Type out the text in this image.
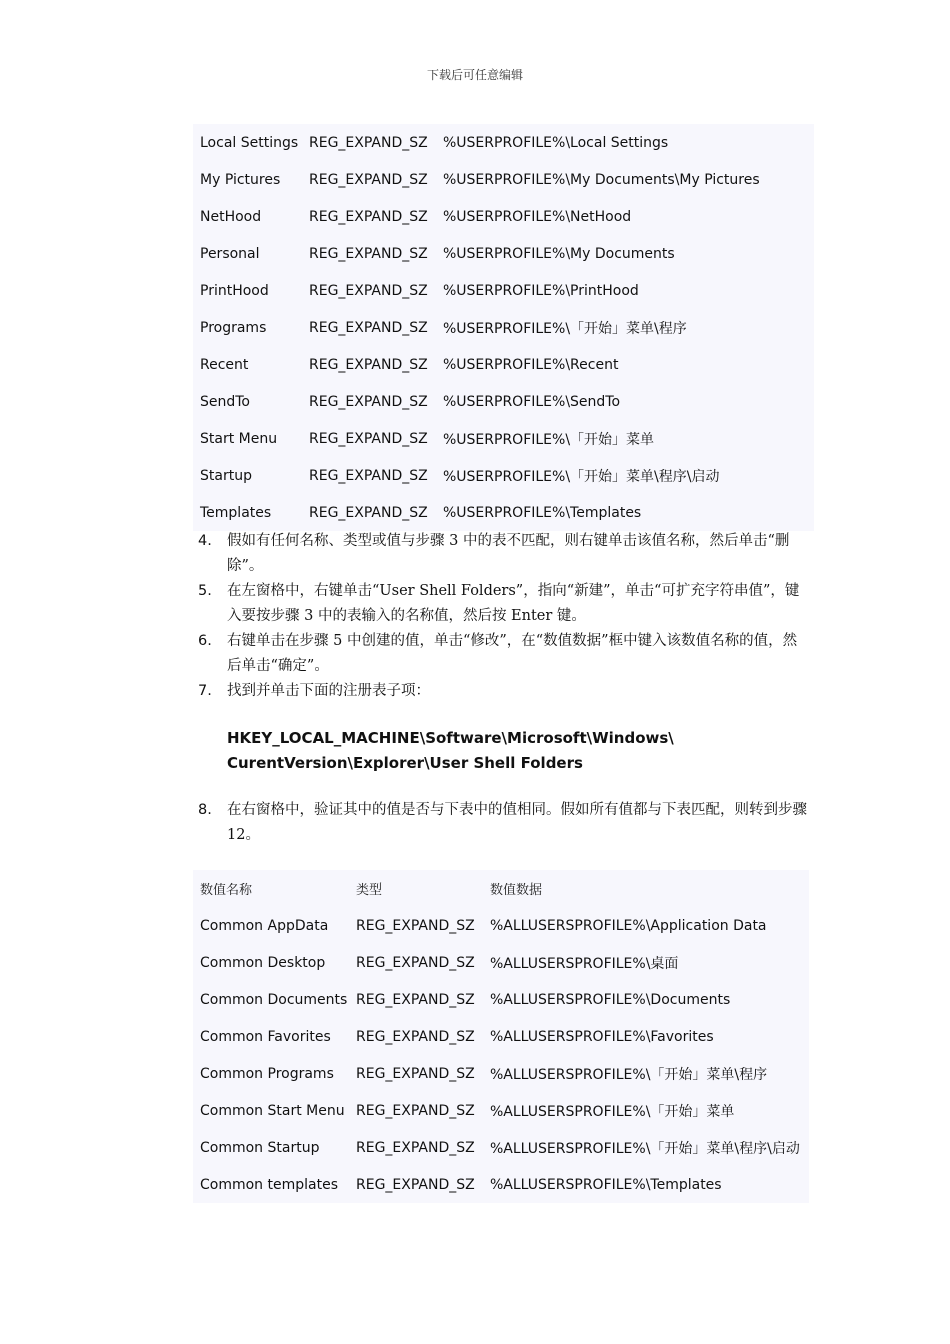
下载后可任意编辑
Local Settings	REG_EXPAND_SZ	%USERPROFILE%\Local Settings
My Pictures	REG_EXPAND_SZ	%USERPROFILE%\My Documents\My Pictures
NetHood	REG_EXPAND_SZ	%USERPROFILE%\NetHood
Personal	REG_EXPAND_SZ	%USERPROFILE%\My Documents
PrintHood	REG_EXPAND_SZ	%USERPROFILE%\PrintHood
Programs	REG_EXPAND_SZ	%USERPROFILE%\「开始」菜单\程序
Recent	REG_EXPAND_SZ	%USERPROFILE%\Recent
SendTo	REG_EXPAND_SZ	%USERPROFILE%\SendTo
Start Menu	REG_EXPAND_SZ	%USERPROFILE%\「开始」菜单
Startup	REG_EXPAND_SZ	%USERPROFILE%\「开始」菜单\程序\启动
Templates	REG_EXPAND_SZ	%USERPROFILE%\Templates
4. 假如有任何名称、类型或值与步骤 3 中的表不匹配，则右键单击该值名称，然后单击“删除”。
5. 在左窗格中，右键单击“User Shell Folders”，指向“新建”，单击“可扩充字符串值”，键入要按步骤 3 中的表输入的名称值，然后按 Enter 键。
6. 右键单击在步骤 5 中创建的值，单击“修改”，在“数值数据”框中键入该数值名称的值，然后单击“确定”。
7. 找到并单击下面的注册表子项：
HKEY_LOCAL_MACHINE\Software\Microsoft\Windows\
CurentVersion\Explorer\User Shell Folders
8. 在右窗格中，验证其中的值是否与下表中的值相同。假如所有值都与下表匹配，则转到步骤 12。
数值名称	类型	数值数据
Common AppData	REG_EXPAND_SZ	%ALLUSERSPROFILE%\Application Data
Common Desktop	REG_EXPAND_SZ	%ALLUSERSPROFILE%\桌面
Common Documents	REG_EXPAND_SZ	%ALLUSERSPROFILE%\Documents
Common Favorites	REG_EXPAND_SZ	%ALLUSERSPROFILE%\Favorites
Common Programs	REG_EXPAND_SZ	%ALLUSERSPROFILE%\「开始」菜单\程序
Common Start Menu	REG_EXPAND_SZ	%ALLUSERSPROFILE%\「开始」菜单
Common Startup	REG_EXPAND_SZ	%ALLUSERSPROFILE%\「开始」菜单\程序\启动
Common templates	REG_EXPAND_SZ	%ALLUSERSPROFILE%\Templates
